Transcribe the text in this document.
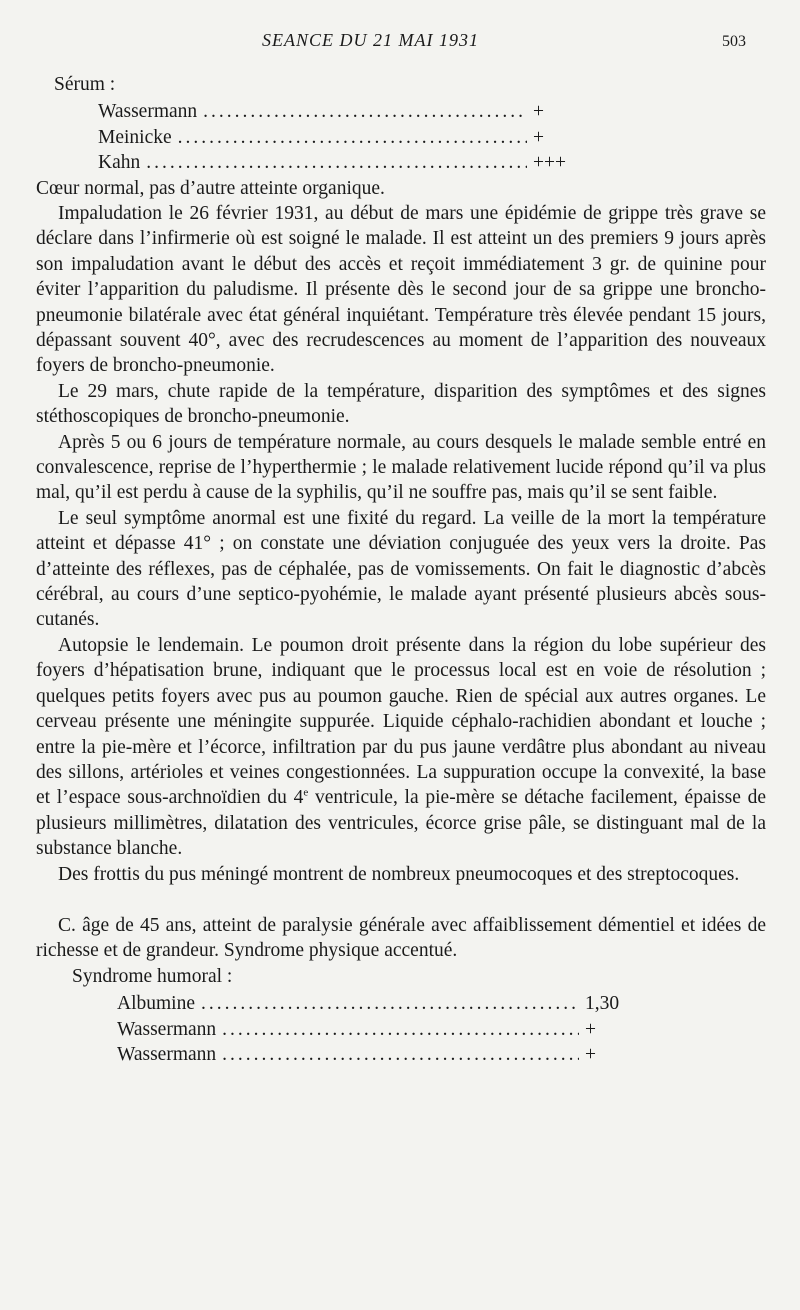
SEANCE DU 21 MAI 1931	503
Sérum :
Wassermann .....	+
Meinicke .....	+
Kahn .....	+++

Cœur normal, pas d’autre atteinte organique.

Impaludation le 26 février 1931, au début de mars une épidémie de grippe très grave se déclare dans l’infirmerie où est soigné le malade. Il est atteint un des premiers 9 jours après son impaludation avant le début des accès et reçoit immédiatement 3 gr. de quinine pour éviter l’apparition du paludisme. Il présente dès le second jour de sa grippe une broncho-pneumonie bilatérale avec état général inquiétant. Température très élevée pendant 15 jours, dépassant souvent 40°, avec des recrudescences au moment de l’apparition des nouveaux foyers de broncho-pneumonie.

Le 29 mars, chute rapide de la température, disparition des symptômes et des signes stéthoscopiques de broncho-pneumonie.

Après 5 ou 6 jours de température normale, au cours desquels le malade semble entré en convalescence, reprise de l’hyperthermie ; le malade relativement lucide répond qu’il va plus mal, qu’il est perdu à cause de la syphilis, qu’il ne souffre pas, mais qu’il se sent faible.

Le seul symptôme anormal est une fixité du regard. La veille de la mort la température atteint et dépasse 41° ; on constate une déviation conjuguée des yeux vers la droite. Pas d’atteinte des réflexes, pas de céphalée, pas de vomissements. On fait le diagnostic d’abcès cérébral, au cours d’une septico-pyohémie, le malade ayant présenté plusieurs abcès sous-cutanés.

Autopsie le lendemain. Le poumon droit présente dans la région du lobe supérieur des foyers d’hépatisation brune, indiquant que le processus local est en voie de résolution ; quelques petits foyers avec pus au poumon gauche. Rien de spécial aux autres organes. Le cerveau présente une méningite suppurée. Liquide céphalo-rachidien abondant et louche ; entre la pie-mère et l’écorce, infiltration par du pus jaune verdâtre plus abondant au niveau des sillons, artérioles et veines congestionnées. La suppuration occupe la convexité, la base et l’espace sous-archnoïdien du 4e ventricule, la pie-mère se détache facilement, épaisse de plusieurs millimètres, dilatation des ventricules, écorce grise pâle, se distinguant mal de la substance blanche.

Des frottis du pus méningé montrent de nombreux pneumocoques et des streptocoques.

C. âge de 45 ans, atteint de paralysie générale avec affaiblissement démentiel et idées de richesse et de grandeur. Syndrome physique accentué.

Syndrome humoral :
Albumine .....	1,30
Wassermann .....	+
Wassermann .....	+
